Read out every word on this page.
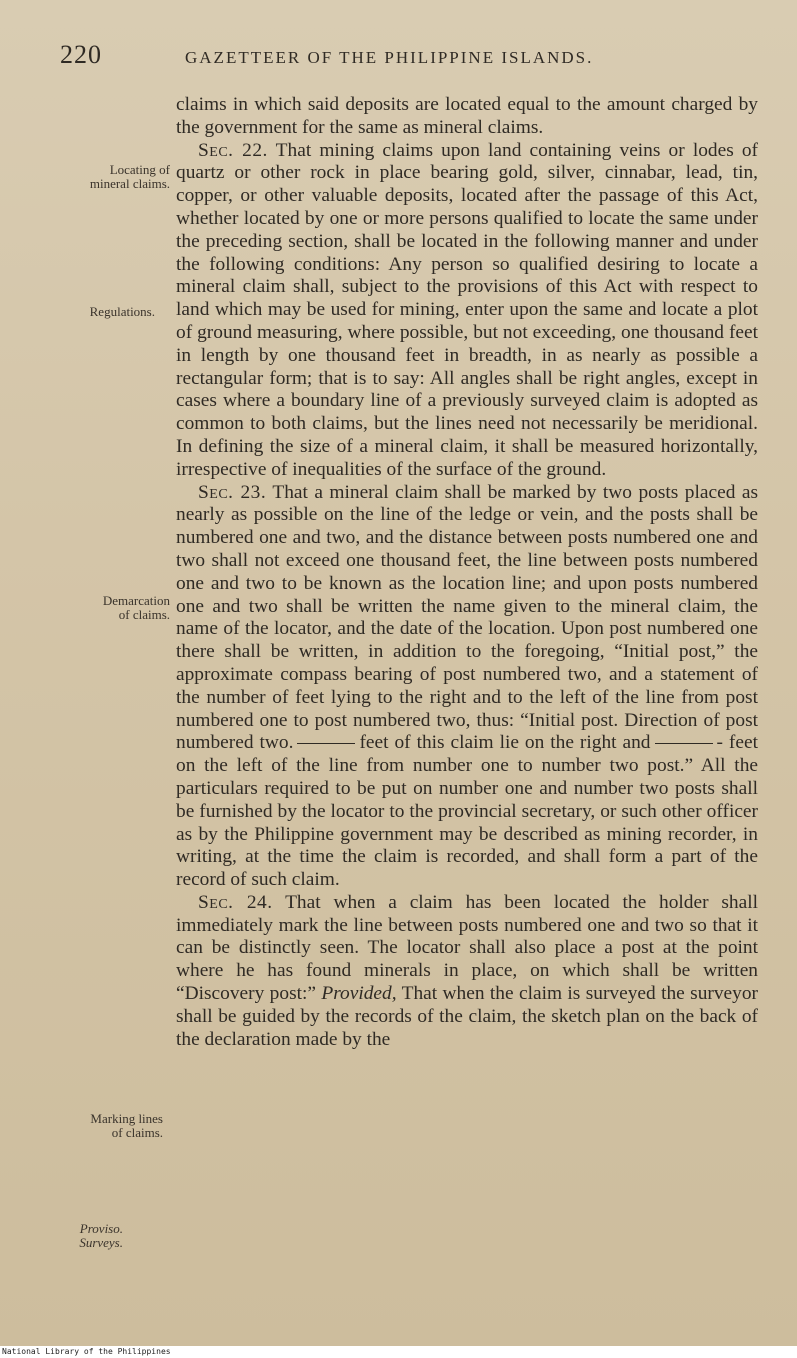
220	GAZETTEER OF THE PHILIPPINE ISLANDS.
Locating of
mineral claims.
Regulations.
Demarcation
of claims.
Marking lines
of claims.
Proviso.
Surveys.

claims in which said deposits are located equal to the amount charged by the government for the same as mineral claims.

Sec. 22. That mining claims upon land containing veins or lodes of quartz or other rock in place bearing gold, silver, cinnabar, lead, tin, copper, or other valuable deposits, located after the passage of this Act, whether located by one or more persons qualified to locate the same under the preceding section, shall be located in the following manner and under the following conditions: Any person so qualified desiring to locate a mineral claim shall, subject to the provisions of this Act with respect to land which may be used for mining, enter upon the same and locate a plot of ground measuring, where possible, but not exceeding, one thousand feet in length by one thousand feet in breadth, in as nearly as possible a rectangular form; that is to say: All angles shall be right angles, except in cases where a boundary line of a previously surveyed claim is adopted as common to both claims, but the lines need not necessarily be meridional. In defining the size of a mineral claim, it shall be measured horizontally, irrespective of inequalities of the surface of the ground.

Sec. 23. That a mineral claim shall be marked by two posts placed as nearly as possible on the line of the ledge or vein, and the posts shall be numbered one and two, and the distance between posts numbered one and two shall not exceed one thousand feet, the line between posts numbered one and two to be known as the location line; and upon posts numbered one and two shall be written the name given to the mineral claim, the name of the locator, and the date of the location. Upon post numbered one there shall be written, in addition to the foregoing, “Initial post,” the approximate compass bearing of post numbered two, and a statement of the number of feet lying to the right and to the left of the line from post numbered one to post numbered two, thus: “Initial post. Direction of post numbered two.	feet of this claim lie on the right and	- feet on the left of the line from number one to number two post.” All the particulars required to be put on number one and number two posts shall be furnished by the locator to the provincial secretary, or such other officer as by the Philippine government may be described as mining recorder, in writing, at the time the claim is recorded, and shall form a part of the record of such claim.

Sec. 24. That when a claim has been located the holder shall immediately mark the line between posts numbered one and two so that it can be distinctly seen. The locator shall also place a post at the point where he has found minerals in place, on which shall be written “Discovery post:” Provided, That when the claim is surveyed the surveyor shall be guided by the records of the claim, the sketch plan on the back of the declaration made by the

National Library of the Philippines
